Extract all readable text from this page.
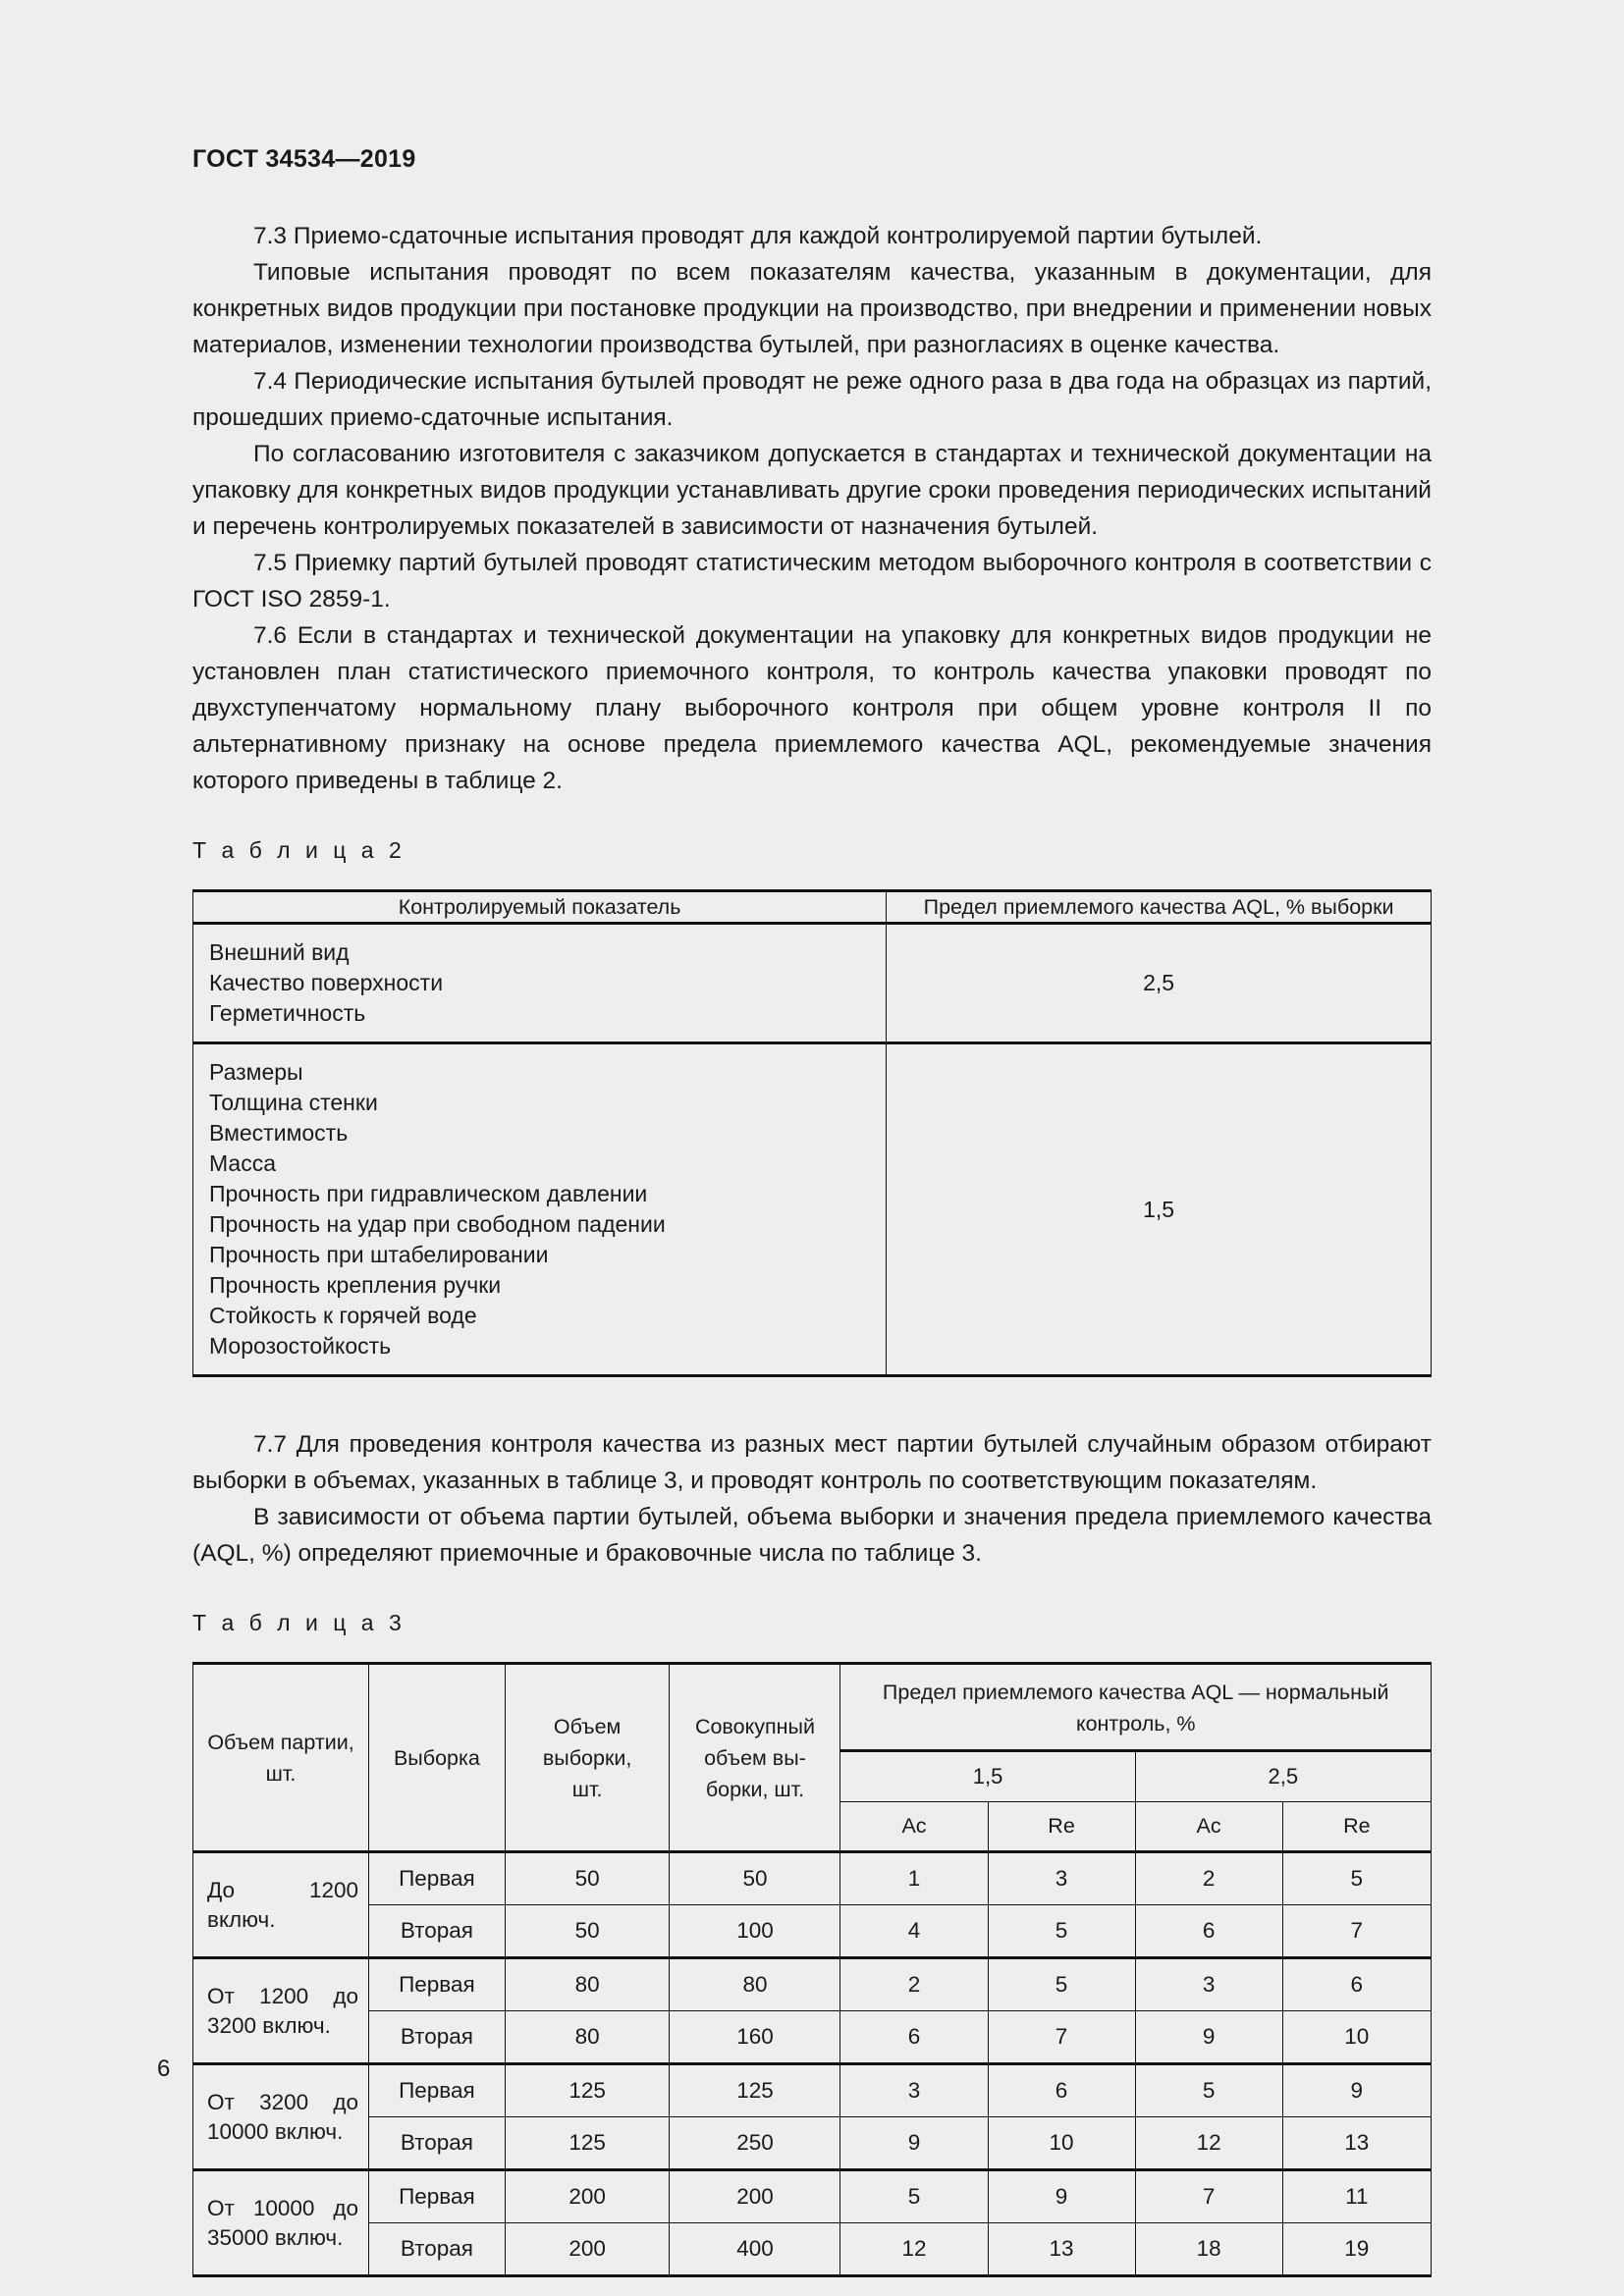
ГОСТ 34534—2019

7.3 Приемо-сдаточные испытания проводят для каждой контролируемой партии бутылей.

Типовые испытания проводят по всем показателям качества, указанным в документации, для конкретных видов продукции при постановке продукции на производство, при внедрении и применении новых материалов, изменении технологии производства бутылей, при разногласиях в оценке качества.

7.4 Периодические испытания бутылей проводят не реже одного раза в два года на образцах из партий, прошедших приемо-сдаточные испытания.

По согласованию изготовителя с заказчиком допускается в стандартах и технической документации на упаковку для конкретных видов продукции устанавливать другие сроки проведения периодических испытаний и перечень контролируемых показателей в зависимости от назначения бутылей.

7.5 Приемку партий бутылей проводят статистическим методом выборочного контроля в соответствии с ГОСТ ISO 2859-1.

7.6 Если в стандартах и технической документации на упаковку для конкретных видов продукции не установлен план статистического приемочного контроля, то контроль качества упаковки проводят по двухступенчатому нормальному плану выборочного контроля при общем уровне контроля II по альтернативному признаку на основе предела приемлемого качества AQL, рекомендуемые значения которого приведены в таблице 2.

Т а б л и ц а 2

Контролируемый показатель	Предел приемлемого качества AQL, % выборки

Внешний вид
Качество поверхности
Герметичность	2,5

Размеры
Толщина стенки
Вместимость
Масса
Прочность при гидравлическом давлении
Прочность на удар при свободном падении
Прочность при штабелировании
Прочность крепления ручки
Стойкость к горячей воде
Морозостойкость
	1,5

7.7 Для проведения контроля качества из разных мест партии бутылей случайным образом отбирают выборки в объемах, указанных в таблице 3, и проводят контроль по соответствующим показателям.

В зависимости от объема партии бутылей, объема выборки и значения предела приемлемого качества (AQL, %) определяют приемочные и браковочные числа по таблице 3.

Т а б л и ц а 3

Объем партии,
шт.
	Выборка	
Объем
выборки,
шт.

Совокупный
объем вы-
борки, шт.

Предел приемлемого качества AQL — нормальный
контроль, %

				1,5		2,5	
				Ac	Re	Ac	Re
До 1200 включ.	Первая	50	50	1	3	2	5
	Вторая	50	100	4	5	6	7
От 1200 до 3200 включ.	Первая	80	80	2	5	3	6
	Вторая	80	160	6	7	9	10
От 3200 до 10000 включ.	Первая	125	125	3	6	5	9
	Вторая	125	250	9	10	12	13
От 10000 до 35000 включ.	Первая	200	200	5	9	7	11
	Вторая	200	400	12	13	18	19
6
